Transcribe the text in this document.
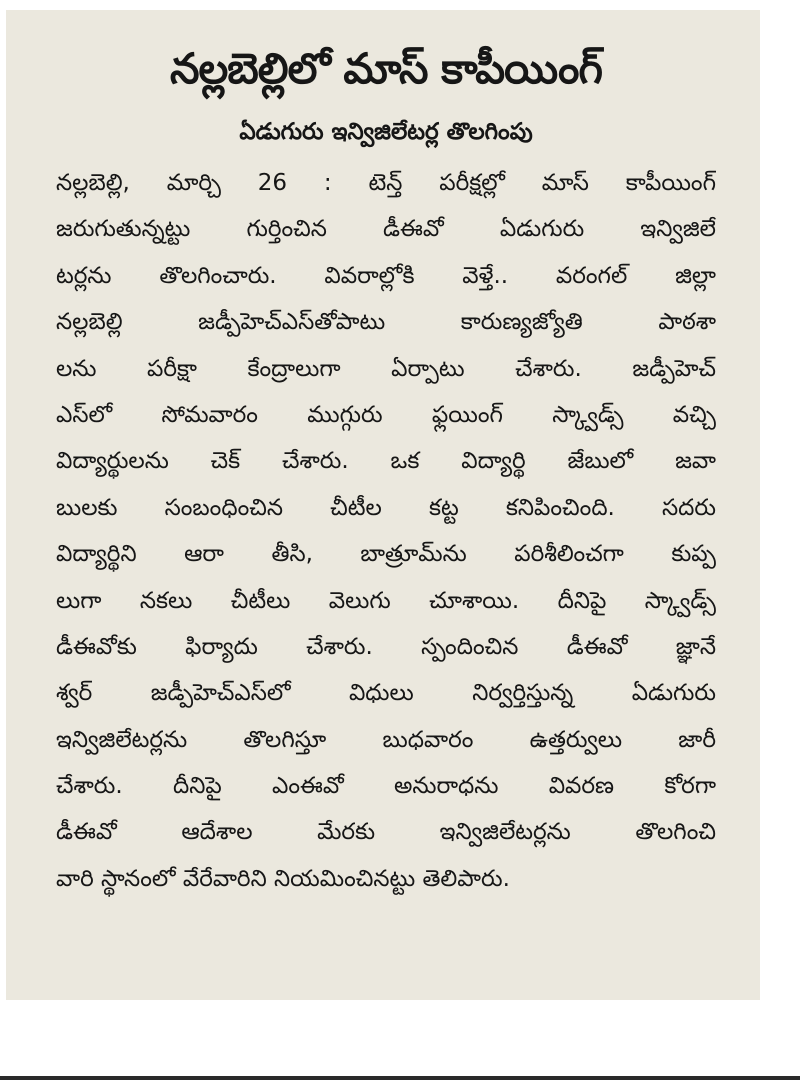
నల్లబెల్లిలో మాస్ కాపీయింగ్
ఏడుగురు ఇన్విజిలేటర్ల తొలగింపు
నల్లబెల్లి, మార్చి 26 : టెన్త్ పరీక్షల్లో మాస్ కాపీయింగ్
జరుగుతున్నట్టు గుర్తించిన డీఈవో ఏడుగురు ఇన్విజిలే
టర్లను తొలగించారు. వివరాల్లోకి వెళ్తే.. వరంగల్ జిల్లా
నల్లబెల్లి జడ్పీహెచ్ఎస్‌తోపాటు కారుణ్యజ్యోతి పాఠశా
లను పరీక్షా కేంద్రాలుగా ఏర్పాటు చేశారు. జడ్పీహెచ్
ఎస్‌లో సోమవారం ముగ్గురు ఫ్లయింగ్ స్క్వాడ్స్ వచ్చి
విద్యార్థులను చెక్ చేశారు. ఒక విద్యార్థి జేబులో జవా
బులకు సంబంధించిన చీటీల కట్ట కనిపించింది. సదరు
విద్యార్థిని ఆరా తీసి, బాత్రూమ్‌ను పరిశీలించగా కుప్ప
లుగా నకలు చీటీలు వెలుగు చూశాయి. దీనిపై స్క్వాడ్స్
డీఈవోకు ఫిర్యాదు చేశారు. స్పందించిన డీఈవో జ్ఞానే
శ్వర్ జడ్పీహెచ్ఎస్‌లో విధులు నిర్వర్తిస్తున్న ఏడుగురు
ఇన్విజిలేటర్లను తొలగిస్తూ బుధవారం ఉత్తర్వులు జారీ
చేశారు. దీనిపై ఎంఈవో అనురాధను వివరణ కోరగా
డీఈవో ఆదేశాల మేరకు ఇన్విజిలేటర్లను తొలగించి
వారి స్థానంలో వేరేవారిని నియమించినట్టు తెలిపారు.
